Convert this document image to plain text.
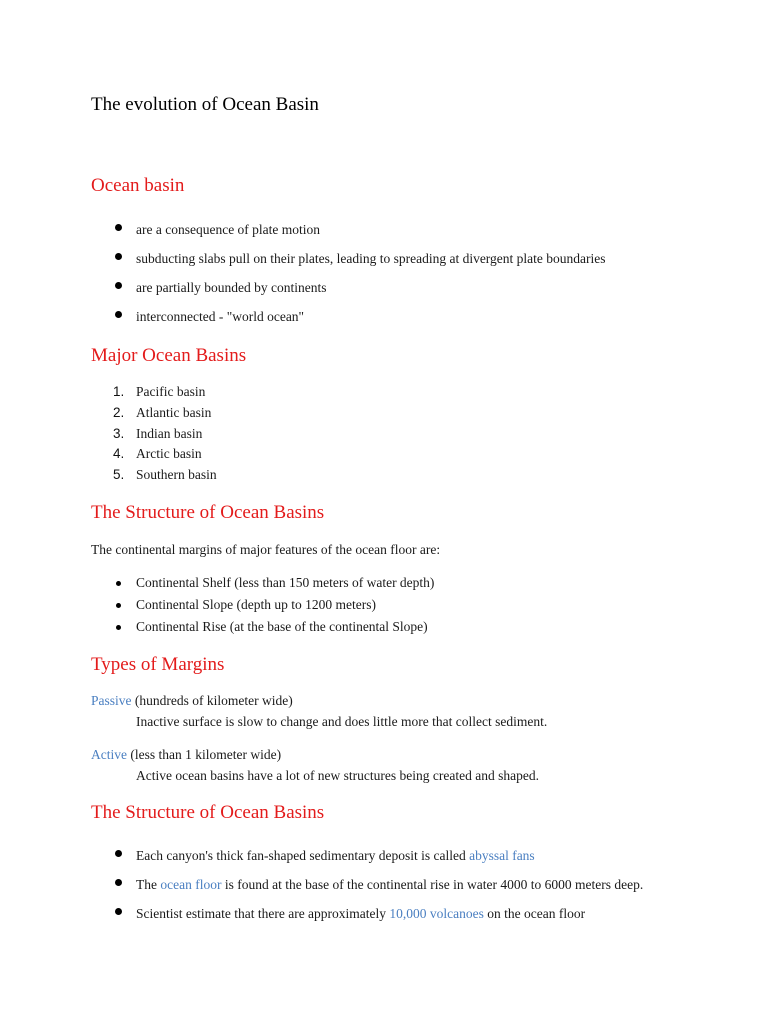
The evolution of Ocean Basin
Ocean basin
are a consequence of plate motion
subducting slabs pull on their plates, leading to spreading at divergent plate boundaries
are partially bounded by continents
interconnected - "world ocean"
Major Ocean Basins
1. Pacific basin
2. Atlantic basin
3. Indian basin
4. Arctic basin
5. Southern basin
The Structure of Ocean Basins
The continental margins of major features of the ocean floor are:
Continental Shelf (less than 150 meters of water depth)
Continental Slope (depth up to 1200 meters)
Continental Rise (at the base of the continental Slope)
Types of Margins
Passive (hundreds of kilometer wide)
Inactive surface is slow to change and does little more that collect sediment.
Active (less than 1 kilometer wide)
Active ocean basins have a lot of new structures being created and shaped.
The Structure of Ocean Basins
Each canyon's thick fan-shaped sedimentary deposit is called abyssal fans
The ocean floor is found at the base of the continental rise in water 4000 to 6000 meters deep.
Scientist estimate that there are approximately 10,000 volcanoes on the ocean floor
